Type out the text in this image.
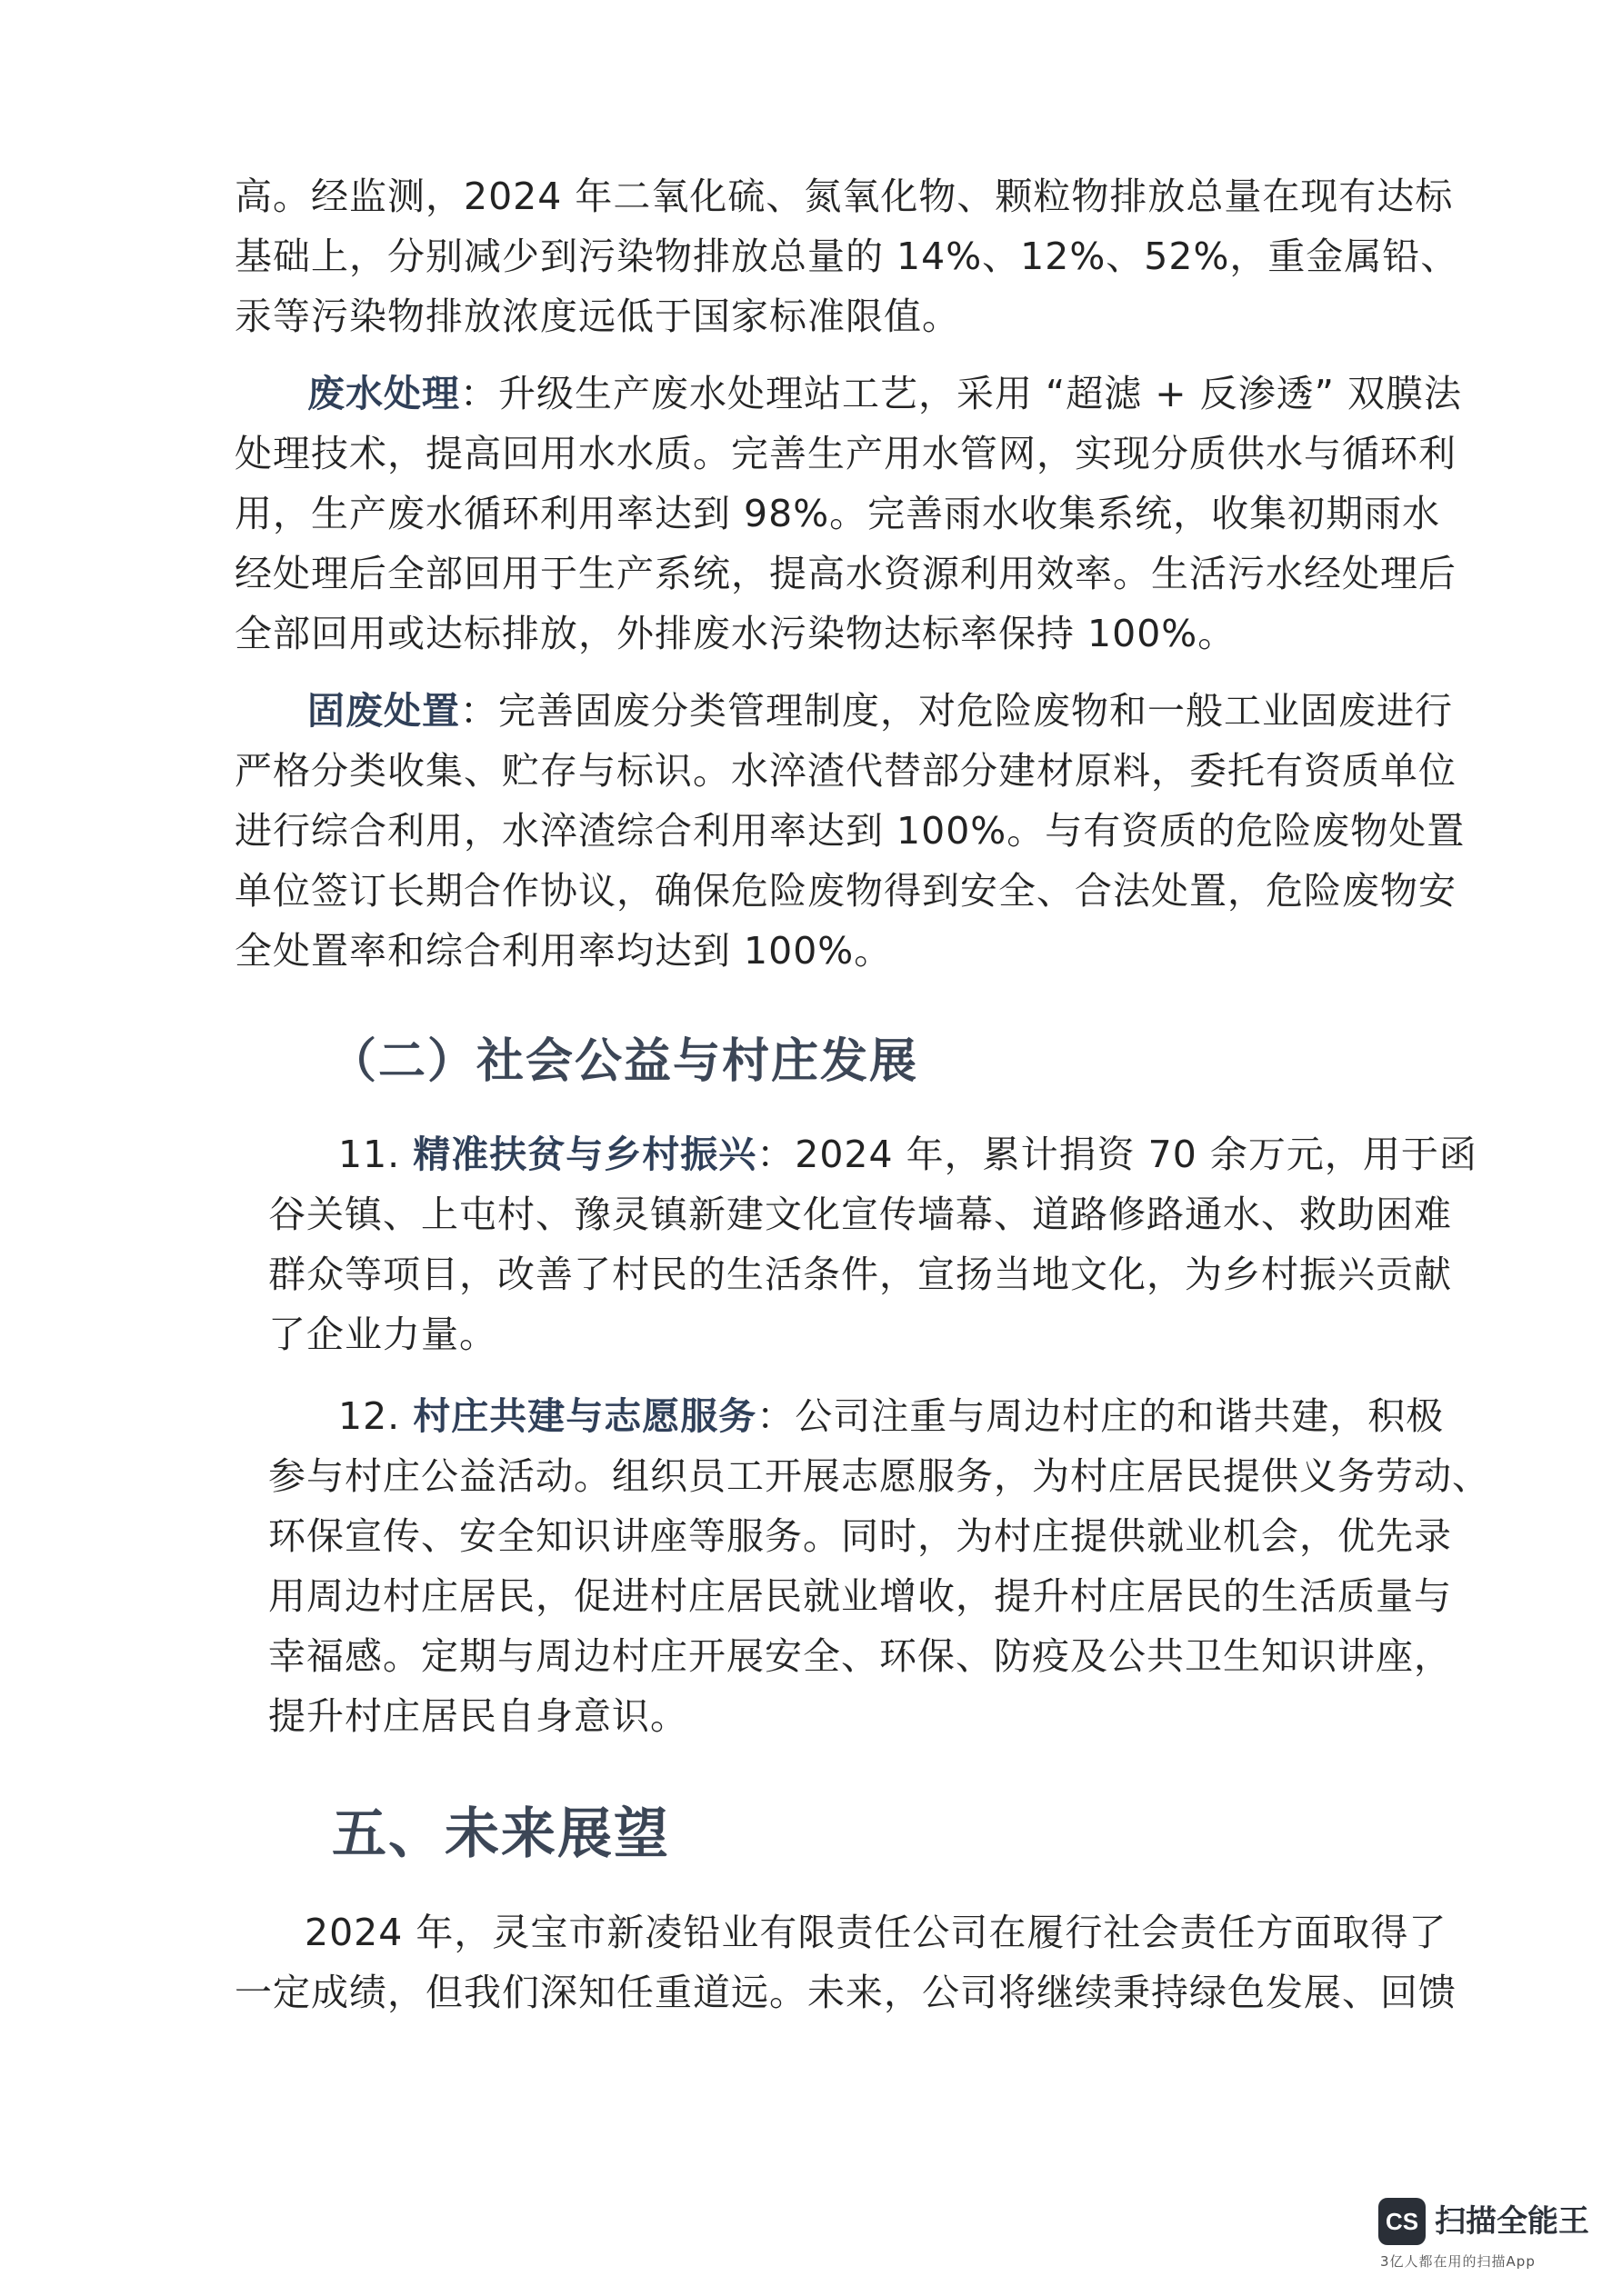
高。经监测，2024 年二氧化硫、氮氧化物、颗粒物排放总量在现有达标

基础上，分别减少到污染物排放总量的 14%、12%、52%，重金属铅、

汞等污染物排放浓度远低于国家标准限值。

废水处理：升级生产废水处理站工艺，采用 “超滤 + 反渗透” 双膜法

处理技术，提高回用水水质。完善生产用水管网，实现分质供水与循环利

用，生产废水循环利用率达到 98%。完善雨水收集系统，收集初期雨水

经处理后全部回用于生产系统，提高水资源利用效率。生活污水经处理后

全部回用或达标排放，外排废水污染物达标率保持 100%。

固废处置：完善固废分类管理制度，对危险废物和一般工业固废进行

严格分类收集、贮存与标识。水淬渣代替部分建材原料，委托有资质单位

进行综合利用，水淬渣综合利用率达到 100%。与有资质的危险废物处置

单位签订长期合作协议，确保危险废物得到安全、合法处置，危险废物安

全处置率和综合利用率均达到 100%。

（二）社会公益与村庄发展

11. 精准扶贫与乡村振兴：2024 年，累计捐资 70 余万元，用于函

谷关镇、上屯村、豫灵镇新建文化宣传墙幕、道路修路通水、救助困难

群众等项目，改善了村民的生活条件，宣扬当地文化，为乡村振兴贡献

了企业力量。

12. 村庄共建与志愿服务：公司注重与周边村庄的和谐共建，积极

参与村庄公益活动。组织员工开展志愿服务，为村庄居民提供义务劳动、

环保宣传、安全知识讲座等服务。同时，为村庄提供就业机会，优先录

用周边村庄居民，促进村庄居民就业增收，提升村庄居民的生活质量与

幸福感。定期与周边村庄开展安全、环保、防疫及公共卫生知识讲座，

提升村庄居民自身意识。

五、未来展望

2024 年，灵宝市新凌铅业有限责任公司在履行社会责任方面取得了

一定成绩，但我们深知任重道远。未来，公司将继续秉持绿色发展、回馈

CS 扫描全能王
3亿人都在用的扫描App
